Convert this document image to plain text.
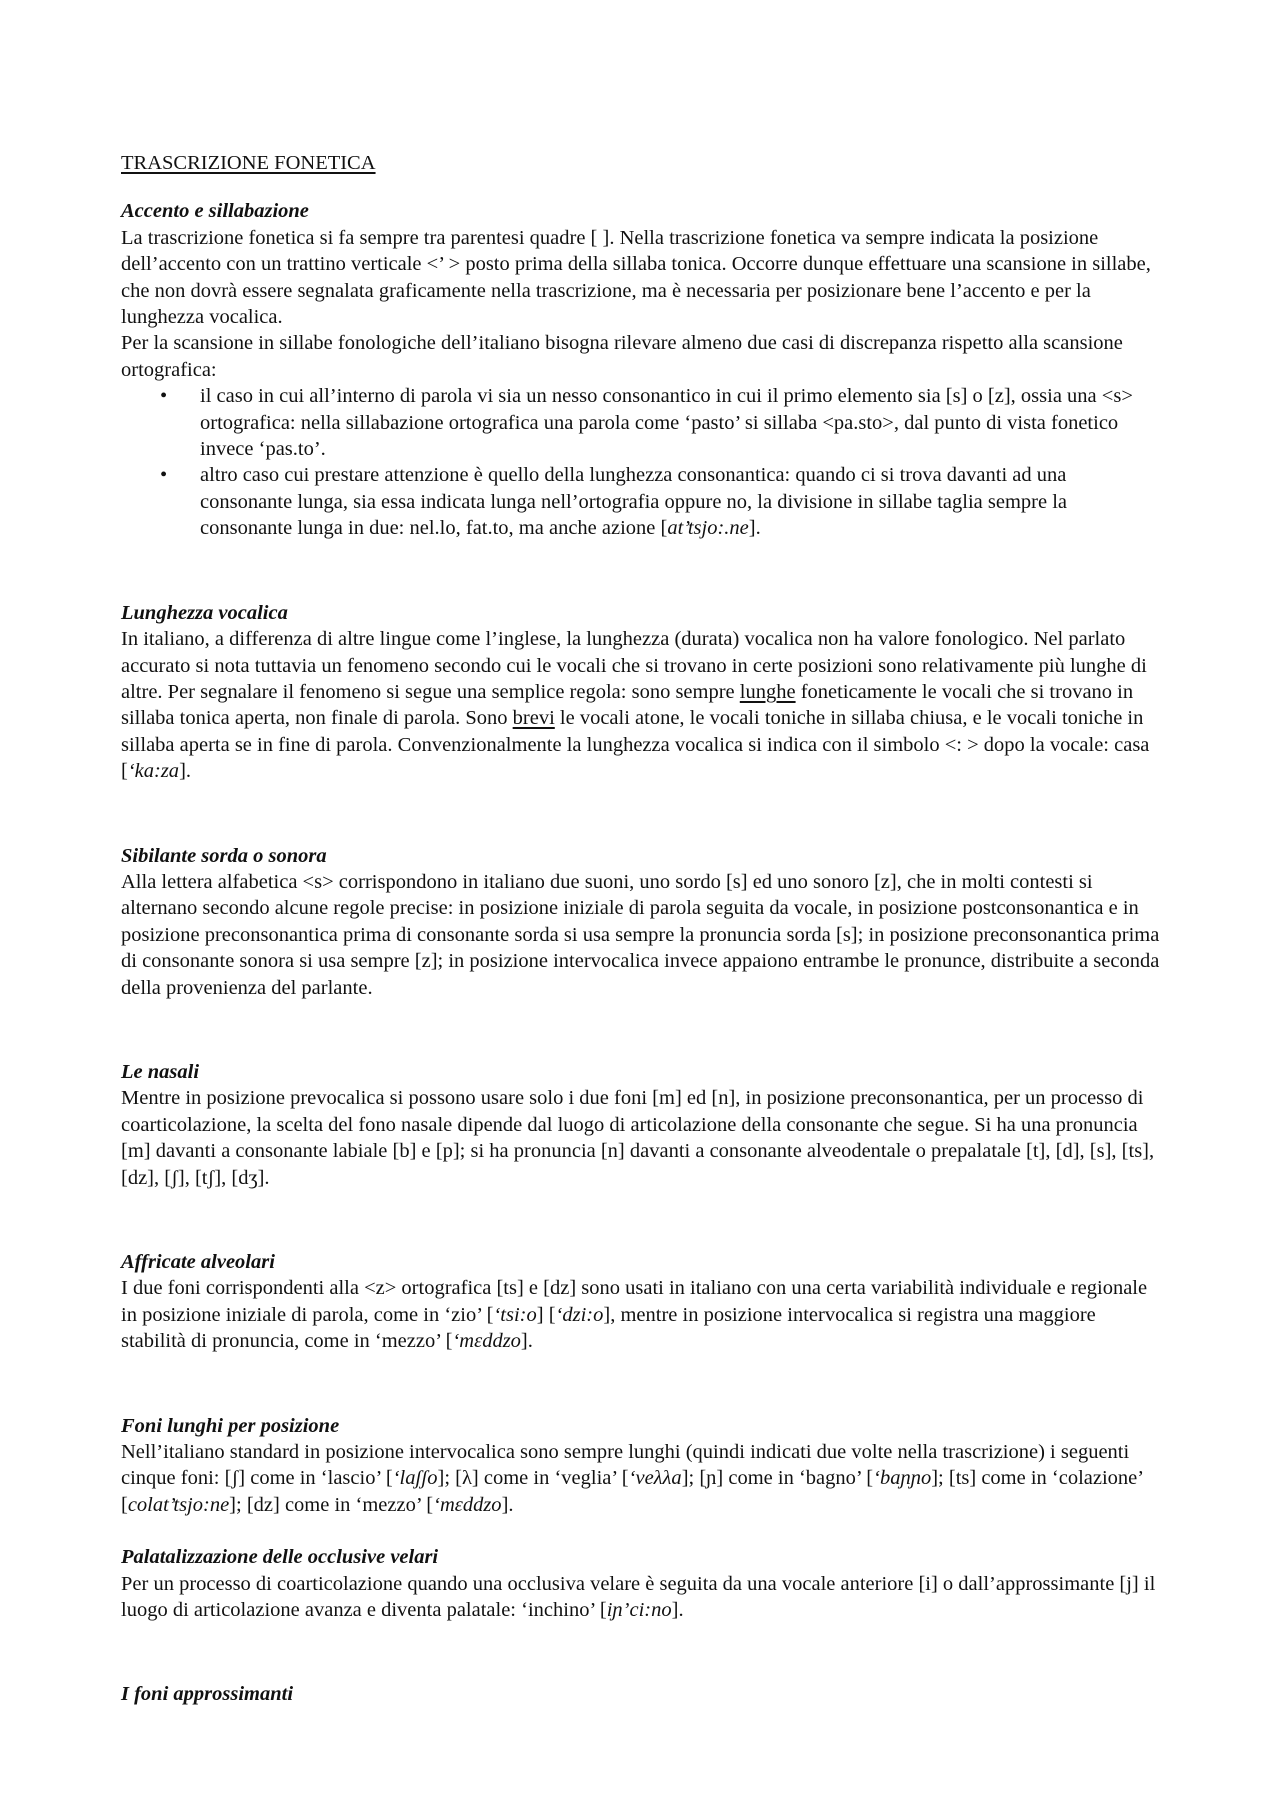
TRASCRIZIONE FONETICA

Accento e sillabazione

La trascrizione fonetica si fa sempre tra parentesi quadre [ ]. Nella trascrizione fonetica va sempre indicata la posizione dell’accento con un trattino verticale <’ > posto prima della sillaba tonica. Occorre dunque effettuare una scansione in sillabe, che non dovrà essere segnalata graficamente nella trascrizione, ma è necessaria per posizionare bene l’accento e per la lunghezza vocalica.

Per la scansione in sillabe fonologiche dell’italiano bisogna rilevare almeno due casi di discrepanza rispetto alla scansione ortografica:

• il caso in cui all’interno di parola vi sia un nesso consonantico in cui il primo elemento sia [s] o [z], ossia una <s> ortografica: nella sillabazione ortografica una parola come ‘pasto’ si sillaba <pa.sto>, dal punto di vista fonetico invece ‘pas.to’.
• altro caso cui prestare attenzione è quello della lunghezza consonantica: quando ci si trova davanti ad una consonante lunga, sia essa indicata lunga nell’ortografia oppure no, la divisione in sillabe taglia sempre la consonante lunga in due: nel.lo, fat.to, ma anche azione [at’tsjo:.ne].

Lunghezza vocalica

In italiano, a differenza di altre lingue come l’inglese, la lunghezza (durata) vocalica non ha valore fonologico. Nel parlato accurato si nota tuttavia un fenomeno secondo cui le vocali che si trovano in certe posizioni sono relativamente più lunghe di altre. Per segnalare il fenomeno si segue una semplice regola: sono sempre lunghe foneticamente le vocali che si trovano in sillaba tonica aperta, non finale di parola. Sono brevi le vocali atone, le vocali toniche in sillaba chiusa, e le vocali toniche in sillaba aperta se in fine di parola. Convenzionalmente la lunghezza vocalica si indica con il simbolo <: > dopo la vocale: casa [‘ka:za].

Sibilante sorda o sonora

Alla lettera alfabetica <s> corrispondono in italiano due suoni, uno sordo [s] ed uno sonoro [z], che in molti contesti si alternano secondo alcune regole precise: in posizione iniziale di parola seguita da vocale, in posizione postconsonantica e in posizione preconsonantica prima di consonante sorda si usa sempre la pronuncia sorda [s]; in posizione preconsonantica prima di consonante sonora si usa sempre [z]; in posizione intervocalica invece appaiono entrambe le pronunce, distribuite a seconda della provenienza del parlante.

Le nasali

Mentre in posizione prevocalica si possono usare solo i due foni [m] ed [n], in posizione preconsonantica, per un processo di coarticolazione, la scelta del fono nasale dipende dal luogo di articolazione della consonante che segue. Si ha una pronuncia [m] davanti a consonante labiale [b] e [p]; si ha pronuncia [n] davanti a consonante alveodentale o prepalatale [t], [d], [s], [ts], [dz], [ʃ], [tʃ], [dʒ].

Affricate alveolari

I due foni corrispondenti alla <z> ortografica [ts] e [dz] sono usati in italiano con una certa variabilità individuale e regionale in posizione iniziale di parola, come in ‘zio’ [‘tsi:o] [‘dzi:o], mentre in posizione intervocalica si registra una maggiore stabilità di pronuncia, come in ‘mezzo’ [‘mɛddzo].

Foni lunghi per posizione

Nell’italiano standard in posizione intervocalica sono sempre lunghi (quindi indicati due volte nella trascrizione) i seguenti cinque foni: [ʃ] come in ‘lascio’ [‘laʃʃo]; [λ] come in ‘veglia’ [‘veλλa]; [ɲ] come in ‘bagno’ [‘baɲɲo]; [ts] come in ‘colazione’ [colat’tsjo:ne]; [dz] come in ‘mezzo’ [‘mɛddzo].

Palatalizzazione delle occlusive velari

Per un processo di coarticolazione quando una occlusiva velare è seguita da una vocale anteriore [i] o dall’approssimante [j] il luogo di articolazione avanza e diventa palatale: ‘inchino’ [iɲ’ci:no].

I foni approssimanti
